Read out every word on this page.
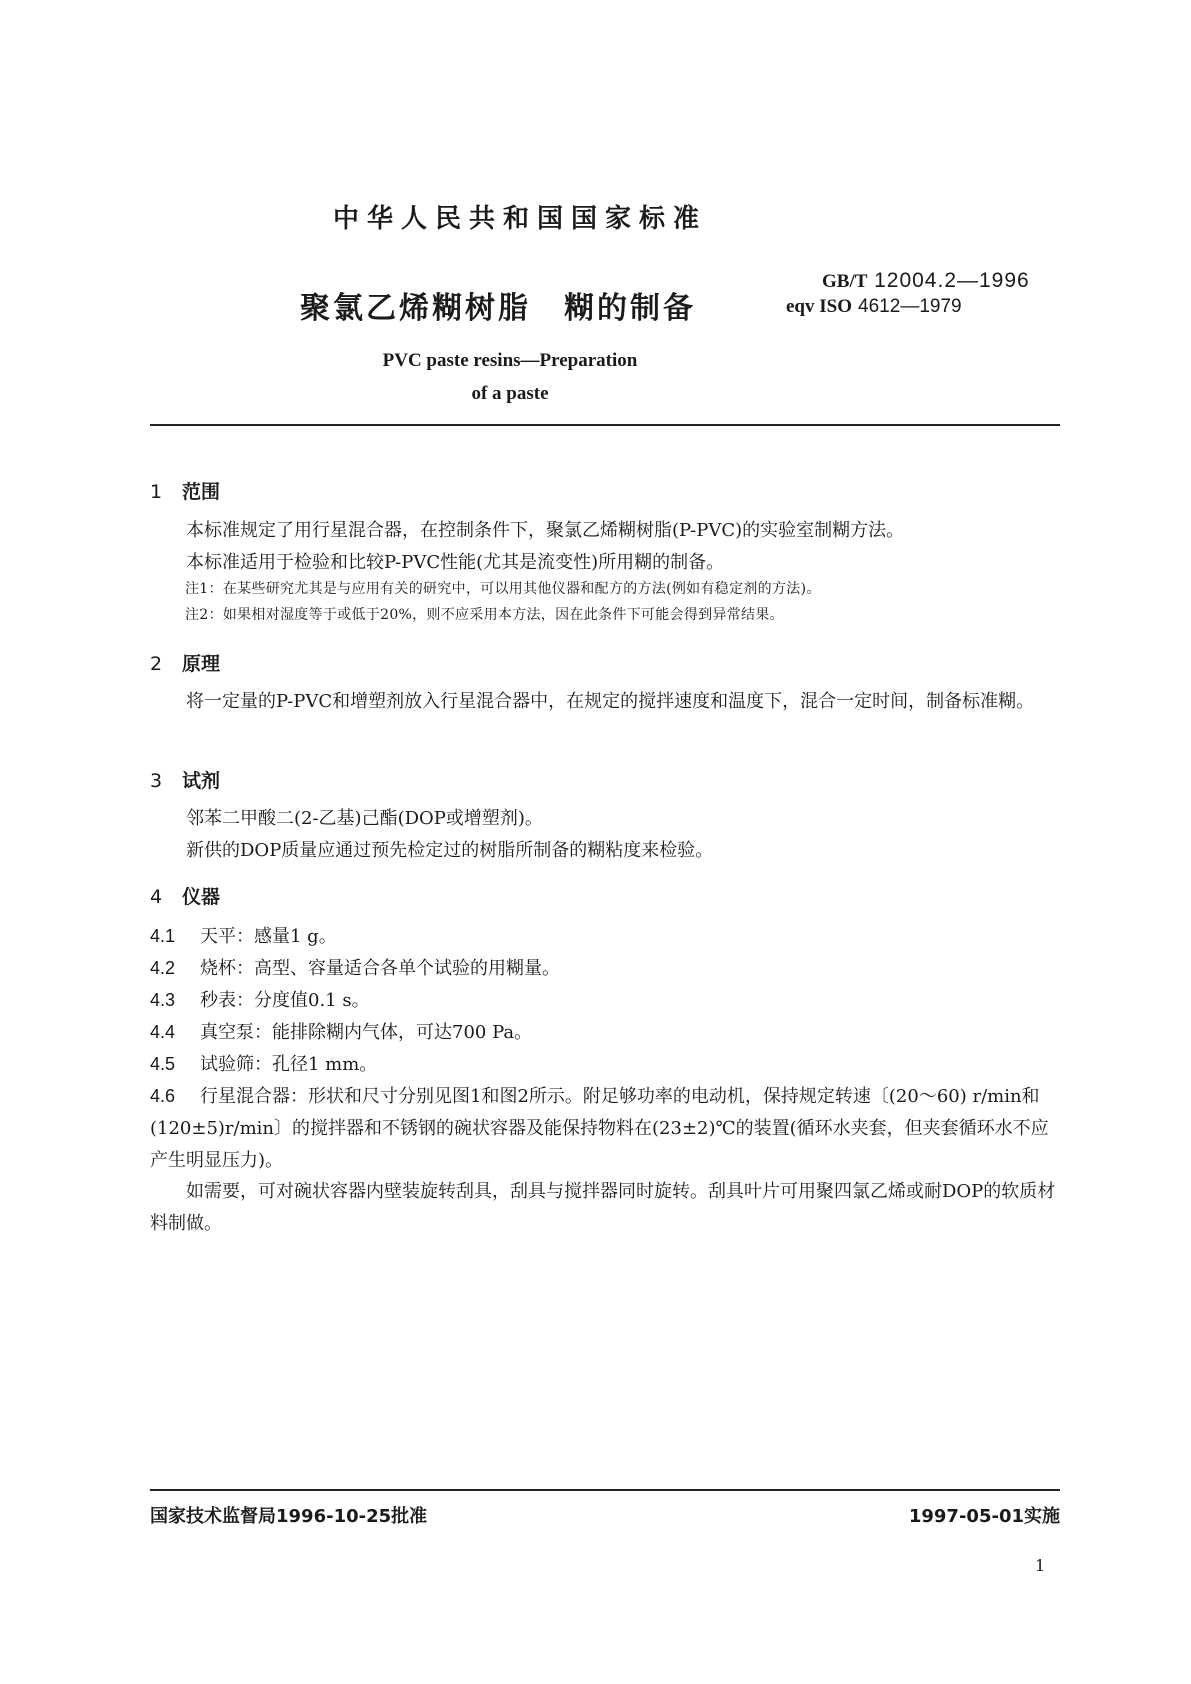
中华人民共和国国家标准
聚氯乙烯糊树脂　糊的制备
GB/T 12004.2—1996
eqv ISO 4612—1979
PVC paste resins—Preparation
of a paste
1 范围
本标准规定了用行星混合器，在控制条件下，聚氯乙烯糊树脂(P-PVC)的实验室制糊方法。
本标准适用于检验和比较P-PVC性能(尤其是流变性)所用糊的制备。
注1：在某些研究尤其是与应用有关的研究中，可以用其他仪器和配方的方法(例如有稳定剂的方法)。
注2：如果相对湿度等于或低于20%，则不应采用本方法，因在此条件下可能会得到异常结果。
2 原理
将一定量的P-PVC和增塑剂放入行星混合器中，在规定的搅拌速度和温度下，混合一定时间，制备标准糊。
3 试剂
邻苯二甲酸二(2-乙基)己酯(DOP或增塑剂)。
新供的DOP质量应通过预先检定过的树脂所制备的糊粘度来检验。
4 仪器
4.1 天平：感量1 g。
4.2 烧杯：高型、容量适合各单个试验的用糊量。
4.3 秒表：分度值0.1 s。
4.4 真空泵：能排除糊内气体，可达700 Pa。
4.5 试验筛：孔径1 mm。
4.6 行星混合器：形状和尺寸分别见图1和图2所示。附足够功率的电动机，保持规定转速〔(20～60) r/min和(120±5)r/min〕的搅拌器和不锈钢的碗状容器及能保持物料在(23±2)℃的装置(循环水夹套，但夹套循环水不应产生明显压力)。
如需要，可对碗状容器内壁装旋转刮具，刮具与搅拌器同时旋转。刮具叶片可用聚四氯乙烯或耐DOP的软质材料制做。
国家技术监督局1996-10-25批准	1997-05-01实施
1
